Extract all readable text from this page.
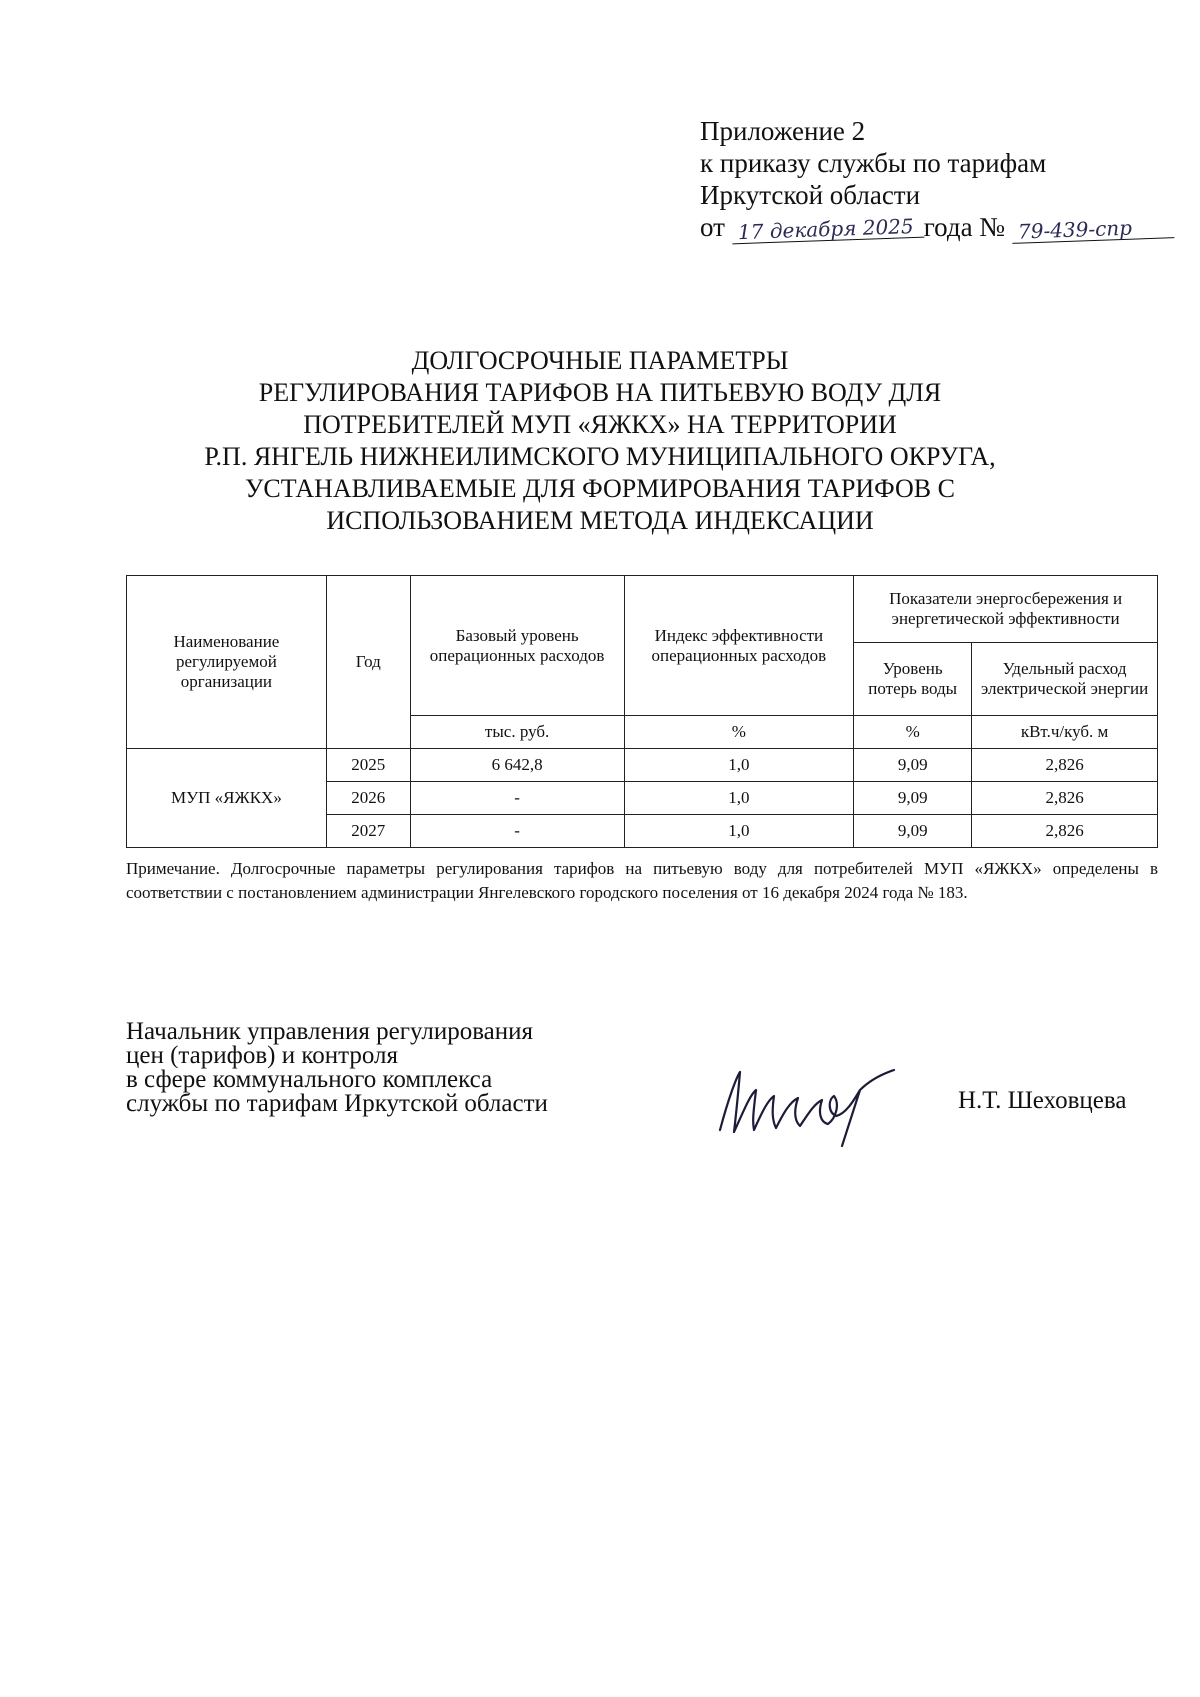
Приложение 2
к приказу службы по тарифам
Иркутской области
от 17 декабря 2025 года № 79-439-спр
ДОЛГОСРОЧНЫЕ ПАРАМЕТРЫ
РЕГУЛИРОВАНИЯ ТАРИФОВ НА ПИТЬЕВУЮ ВОДУ ДЛЯ
ПОТРЕБИТЕЛЕЙ МУП «ЯЖКХ» НА ТЕРРИТОРИИ
Р.П. ЯНГЕЛЬ НИЖНЕИЛИМСКОГО МУНИЦИПАЛЬНОГО ОКРУГА,
УСТАНАВЛИВАЕМЫЕ ДЛЯ ФОРМИРОВАНИЯ ТАРИФОВ С
ИСПОЛЬЗОВАНИЕМ МЕТОДА ИНДЕКСАЦИИ
Наименование регулируемой организации	Год	Базовый уровень операционных расходов	Индекс эффективности операционных расходов	Показатели энергосбережения и энергетической эффективности	
				Уровень потерь воды	Удельный расход электрической энергии
		тыс. руб.	%	%	кВт.ч/куб. м
МУП «ЯЖКХ»	2025	6 642,8	1,0	9,09	2,826
	2026	-	1,0	9,09	2,826
	2027	-	1,0	9,09	2,826
Примечание. Долгосрочные параметры регулирования тарифов на питьевую воду для потребителей МУП «ЯЖКХ» определены в соответствии с постановлением администрации Янгелевского городского поселения от 16 декабря 2024 года № 183.
Начальник управления регулирования
цен (тарифов) и контроля
в сфере коммунального комплекса
службы по тарифам Иркутской области	Н.Т. Шеховцева
